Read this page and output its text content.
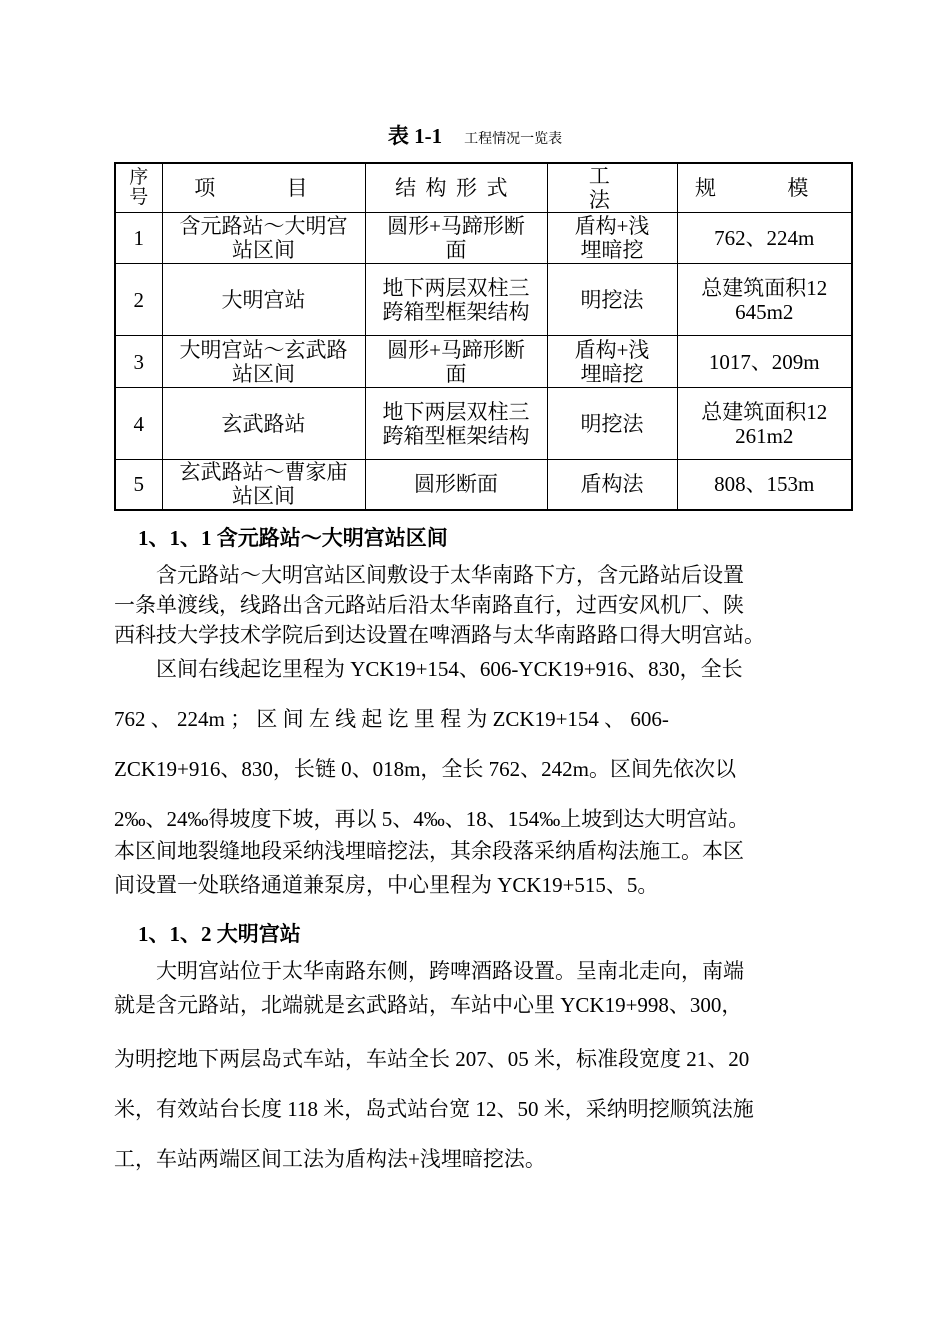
表 1-1 工程情况一览表
序号	项　目	结构形式	工　法	规　模

1	含元路站～大明宫站区间	圆形+马蹄形断面	盾构+浅埋暗挖	762、224m

2	大明宫站	地下两层双柱三跨箱型框架结构	明挖法	总建筑面积12645m2

3	大明宫站～玄武路站区间	圆形+马蹄形断面	盾构+浅埋暗挖	1017、209m

4	玄武路站	地下两层双柱三跨箱型框架结构	明挖法	总建筑面积12261m2

5	玄武路站～曹家庙站区间	圆形断面	盾构法	808、153m
1、1、1 含元路站～大明宫站区间
含元路站～大明宫站区间敷设于太华南路下方，含元路站后设置
一条单渡线，线路出含元路站后沿太华南路直行，过西安风机厂、陕
西科技大学技术学院后到达设置在啤酒路与太华南路路口得大明宫站。
区间右线起讫里程为 YCK19+154、606-YCK19+916、830，全长
762 、 224m ； 区 间 左 线 起 讫 里 程 为 ZCK19+154 、 606-
ZCK19+916、830，长链 0、018m，全长 762、242m。区间先依次以
2‰、24‰得坡度下坡，再以 5、4‰、18、154‰上坡到达大明宫站。
本区间地裂缝地段采纳浅埋暗挖法，其余段落采纳盾构法施工。本区
间设置一处联络通道兼泵房，中心里程为 YCK19+515、5。
1、1、2 大明宫站
大明宫站位于太华南路东侧，跨啤酒路设置。呈南北走向，南端
就是含元路站，北端就是玄武路站，车站中心里 YCK19+998、300，
为明挖地下两层岛式车站，车站全长 207、05 米，标准段宽度 21、20
米，有效站台长度 118 米，岛式站台宽 12、50 米，采纳明挖顺筑法施
工，车站两端区间工法为盾构法+浅埋暗挖法。
